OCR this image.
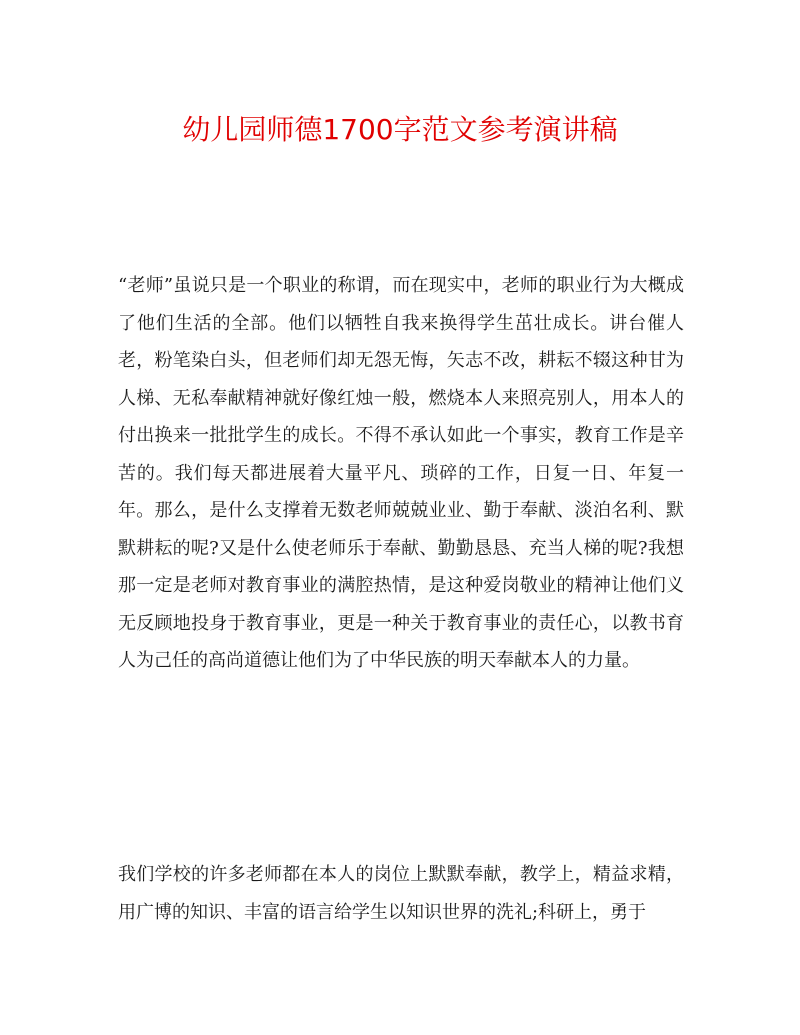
幼儿园师德1700字范文参考演讲稿

“老师”虽说只是一个职业的称谓，而在现实中，老师的职业行为大概成了他们生活的全部。他们以牺牲自我来换得学生茁壮成长。讲台催人老，粉笔染白头，但老师们却无怨无悔，矢志不改，耕耘不辍这种甘为人梯、无私奉献精神就好像红烛一般，燃烧本人来照亮别人，用本人的付出换来一批批学生的成长。不得不承认如此一个事实，教育工作是辛苦的。我们每天都进展着大量平凡、琐碎的工作，日复一日、年复一年。那么，是什么支撑着无数老师兢兢业业、勤于奉献、淡泊名利、默默耕耘的呢?又是什么使老师乐于奉献、勤勤恳恳、充当人梯的呢?我想那一定是老师对教育事业的满腔热情，是这种爱岗敬业的精神让他们义无反顾地投身于教育事业，更是一种关于教育事业的责任心，以教书育人为己任的高尚道德让他们为了中华民族的明天奉献本人的力量。

我们学校的许多老师都在本人的岗位上默默奉献，教学上，精益求精，用广博的知识、丰富的语言给学生以知识世界的洗礼;科研上，勇于
